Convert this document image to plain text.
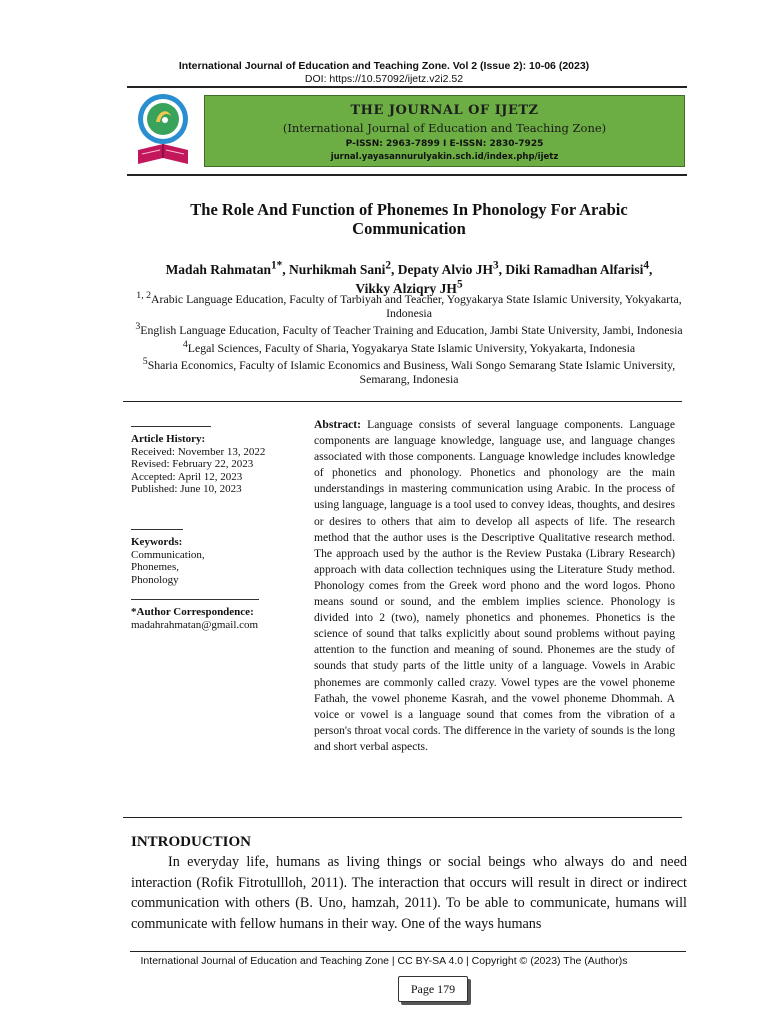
International Journal of Education and Teaching Zone. Vol 2 (Issue 2): 10-06 (2023)
DOI: https://10.57092/ijetz.v2i2.52
THE JOURNAL OF IJETZ
(International Journal of Education and Teaching Zone)
P-ISSN: 2963-7899 I E-ISSN: 2830-7925
jurnal.yayasannurulyakin.sch.id/index.php/ijetz
The Role And Function of Phonemes In Phonology For Arabic
Communication
Madah Rahmatan$^{1*}$, Nurhikmah Sani$^2$, Depaty Alvio $JH^3$, Diki Ramadhan Alfarisi$^4$,
Vikky Alziqry $JH^5$
$^{1, 2}$Arabic Language Education, Faculty of Tarbiyah and Teacher, Yogyakarya State Islamic University, Yokyakarta, Indonesia
$^3$English Language Education, Faculty of Teacher Training and Education, Jambi State University, Jambi, Indonesia
$^4$Legal Sciences, Faculty of Sharia, Yogyakarya State Islamic University, Yokyakarta, Indonesia
$^5$Sharia Economics, Faculty of Islamic Economics and Business, Wali Songo Semarang State Islamic University, Semarang, Indonesia
Article History:
Received: November 13, 2022
Revised: February 22, 2023
Accepted: April 12, 2023
Published: June 10, 2023
Keywords:
Communication,
Phonemes,
Phonology
*Author Correspondence:
madahrahmatan@gmail.com
Abstract: Language consists of several language components. Language components are language knowledge, language use, and language changes associated with those components. Language knowledge includes knowledge of phonetics and phonology. Phonetics and phonology are the main understandings in mastering communication using Arabic. In the process of using language, language is a tool used to convey ideas, thoughts, and desires or desires to others that aim to develop all aspects of life. The research method that the author uses is the Descriptive Qualitative research method. The approach used by the author is the Review Pustaka (Library Research) approach with data collection techniques using the Literature Study method. Phonology comes from the Greek word phono and the word logos. Phono means sound or sound, and the emblem implies science. Phonology is divided into 2 (two), namely phonetics and phonemes. Phonetics is the science of sound that talks explicitly about sound problems without paying attention to the function and meaning of sound. Phonemes are the study of sounds that study parts of the little unity of a language. Vowels in Arabic phonemes are commonly called crazy. Vowel types are the vowel phoneme Fathah, the vowel phoneme Kasrah, and the vowel phoneme Dhommah. A voice or vowel is a language sound that comes from the vibration of a person's throat vocal cords. The difference in the variety of sounds is the long and short verbal aspects.
INTRODUCTION
In everyday life, humans as living things or social beings who always do and need interaction (Rofik Fitrotullloh, 2011). The interaction that occurs will result in direct or indirect communication with others (B. Uno, hamzah, 2011). To be able to communicate, humans will communicate with fellow humans in their way. One of the ways humans
International Journal of Education and Teaching Zone | CC BY-SA 4.0 | Copyright © (2023) The (Author)s
Page 179
